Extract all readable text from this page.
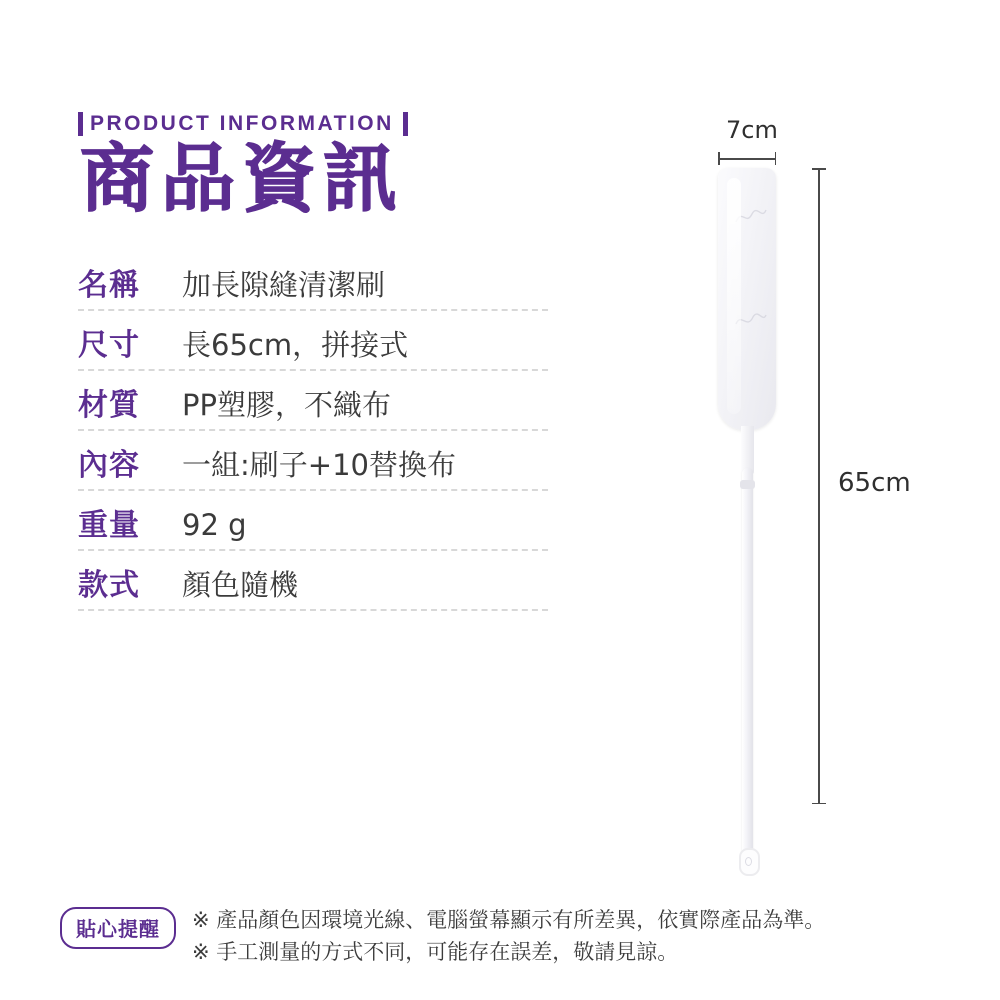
PRODUCT INFORMATION
商品資訊
名稱	加長隙縫清潔刷
尺寸	長65cm，拼接式
材質	PP塑膠，不織布
內容	一組:刷子+10替換布
重量	92 g
款式	顏色隨機
7cm
65cm
貼心提醒	※ 產品顏色因環境光線、電腦螢幕顯示有所差異，依實際產品為準。
※ 手工測量的方式不同，可能存在誤差，敬請見諒。
